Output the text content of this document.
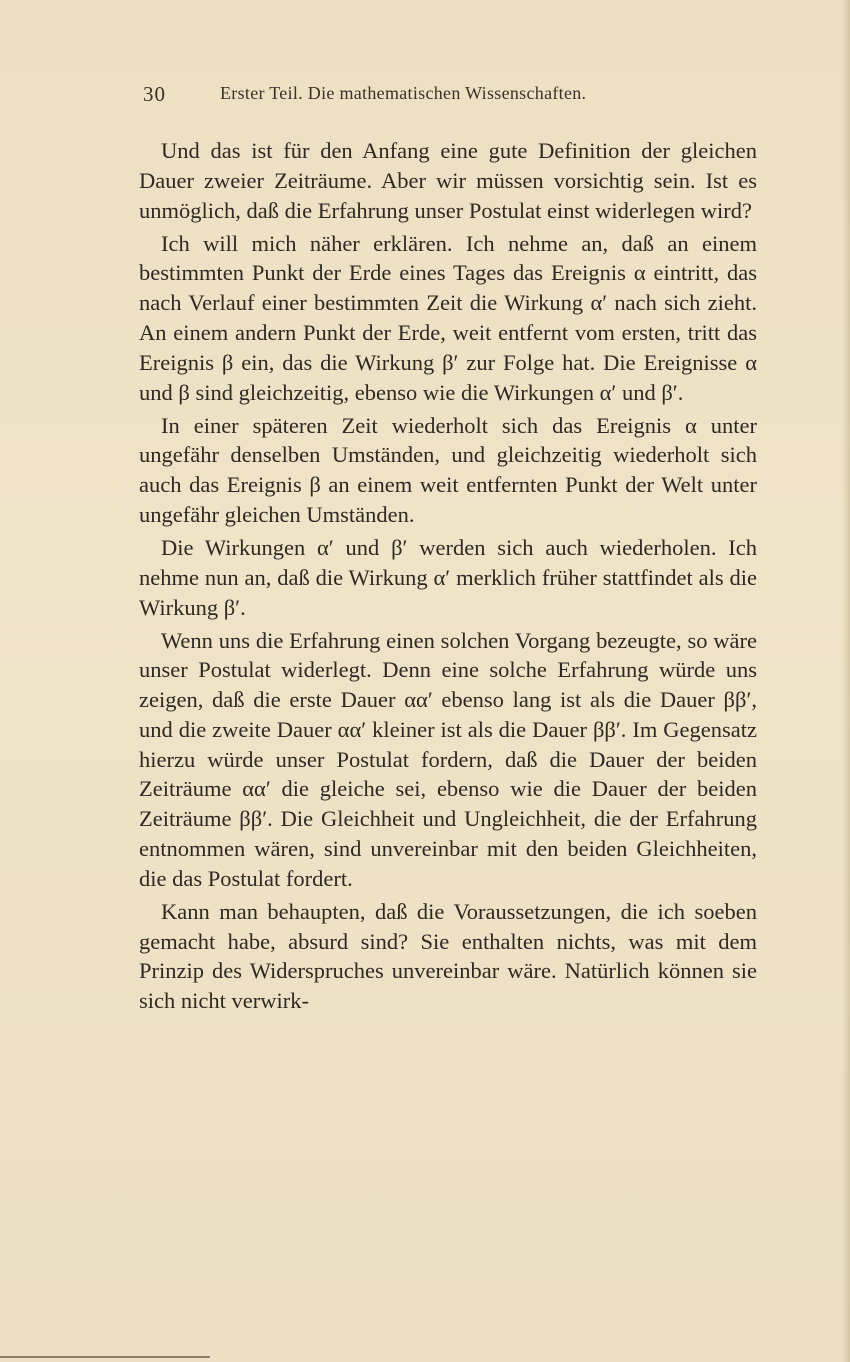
30	Erster Teil. Die mathematischen Wissenschaften.

Und das ist für den Anfang eine gute Definition der gleichen Dauer zweier Zeiträume. Aber wir müssen vorsichtig sein. Ist es unmöglich, daß die Erfahrung unser Postulat einst widerlegen wird?

Ich will mich näher erklären. Ich nehme an, daß an einem bestimmten Punkt der Erde eines Tages das Ereignis α eintritt, das nach Verlauf einer bestimmten Zeit die Wirkung α′ nach sich zieht. An einem andern Punkt der Erde, weit entfernt vom ersten, tritt das Ereignis β ein, das die Wirkung β′ zur Folge hat. Die Ereignisse α und β sind gleichzeitig, ebenso wie die Wirkungen α′ und β′.

In einer späteren Zeit wiederholt sich das Ereignis α unter ungefähr denselben Umständen, und gleichzeitig wiederholt sich auch das Ereignis β an einem weit entfernten Punkt der Welt unter ungefähr gleichen Umständen.

Die Wirkungen α′ und β′ werden sich auch wiederholen. Ich nehme nun an, daß die Wirkung α′ merklich früher stattfindet als die Wirkung β′.

Wenn uns die Erfahrung einen solchen Vorgang bezeugte, so wäre unser Postulat widerlegt. Denn eine solche Erfahrung würde uns zeigen, daß die erste Dauer αα′ ebenso lang ist als die Dauer ββ′, und die zweite Dauer αα′ kleiner ist als die Dauer ββ′. Im Gegensatz hierzu würde unser Postulat fordern, daß die Dauer der beiden Zeiträume αα′ die gleiche sei, ebenso wie die Dauer der beiden Zeiträume ββ′. Die Gleichheit und Ungleichheit, die der Erfahrung entnommen wären, sind unvereinbar mit den beiden Gleichheiten, die das Postulat fordert.

Kann man behaupten, daß die Voraussetzungen, die ich soeben gemacht habe, absurd sind? Sie enthalten nichts, was mit dem Prinzip des Widerspruches unvereinbar wäre. Natürlich können sie sich nicht verwirk-
